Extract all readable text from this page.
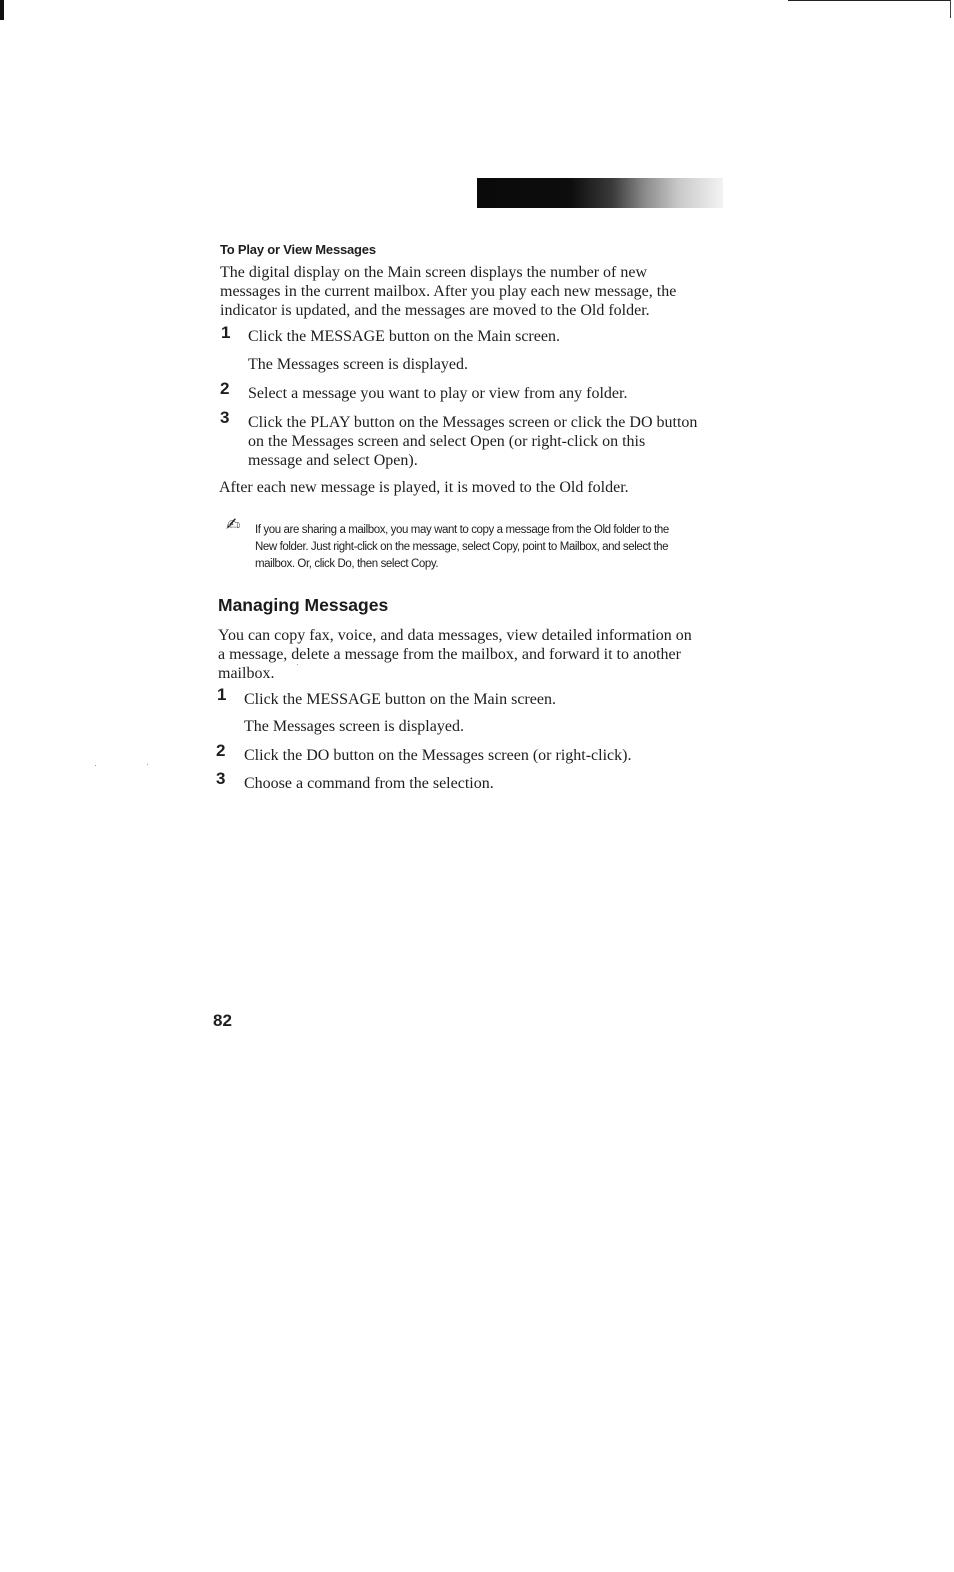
To Play or View Messages
The digital display on the Main screen displays the number of new
messages in the current mailbox. After you play each new message, the
indicator is updated, and the messages are moved to the Old folder.
1 Click the MESSAGE button on the Main screen.
The Messages screen is displayed.
2 Select a message you want to play or view from any folder.
3 Click the PLAY button on the Messages screen or click the DO button
on the Messages screen and select Open (or right-click on this
message and select Open).
After each new message is played, it is moved to the Old folder.
✍ If you are sharing a mailbox, you may want to copy a message from the Old folder to the
New folder. Just right-click on the message, select Copy, point to Mailbox, and select the
mailbox. Or, click Do, then select Copy.
Managing Messages
You can copy fax, voice, and data messages, view detailed information on
a message, delete a message from the mailbox, and forward it to another
mailbox.
1 Click the MESSAGE button on the Main screen.
The Messages screen is displayed.
2 Click the DO button on the Messages screen (or right-click).
3 Choose a command from the selection.
82
